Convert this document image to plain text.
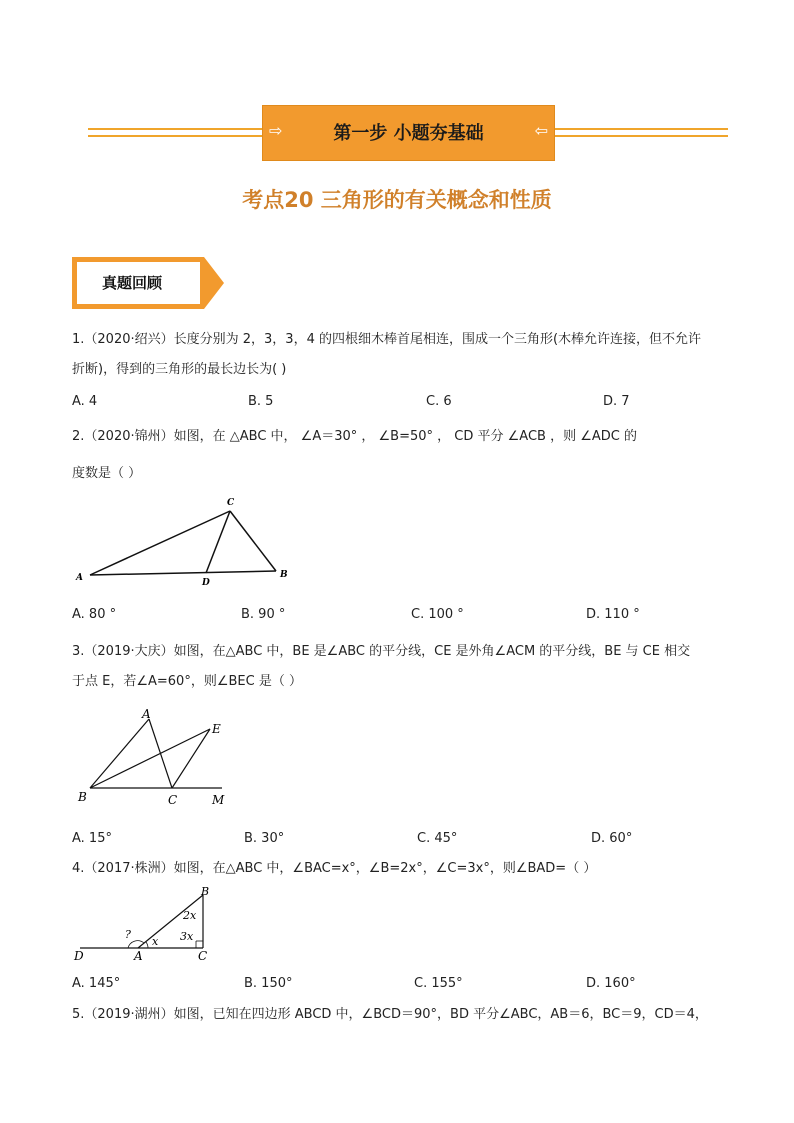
⇨	第一步 小题夯基础	⇦
考点20 三角形的有关概念和性质
真题回顾
1.（2020·绍兴）长度分别为 2，3，3，4 的四根细木棒首尾相连，围成一个三角形(木棒允许连接，但不允许
折断)，得到的三角形的最长边长为( )
A. 4	B. 5	C. 6	D. 7
2.（2020·锦州）如图，在 △ABC 中， ∠A＝30° ， ∠B=50° ， CD 平分 ∠ACB ，则 ∠ADC 的
度数是（ ）
A	B
C
D
A. 80 °	B. 90 °	C. 100 °	D. 110 °
3.（2019·大庆）如图，在△ABC 中，BE 是∠ABC 的平分线，CE 是外角∠ACM 的平分线，BE 与 CE 相交
于点 E，若∠A=60°，则∠BEC 是（ ）
A
E
B	C	M
A. 15°	B. 30°	C. 45°	D. 60°
4.（2017·株洲）如图，在△ABC 中，∠BAC=x°，∠B=2x°，∠C=3x°，则∠BAD=（ ）
B
2x
3x
?
x
D	A	C
A. 145°	B. 150°	C. 155°	D. 160°
5.（2019·湖州）如图，已知在四边形 ABCD 中，∠BCD＝90°，BD 平分∠ABC，AB＝6，BC＝9，CD＝4，
